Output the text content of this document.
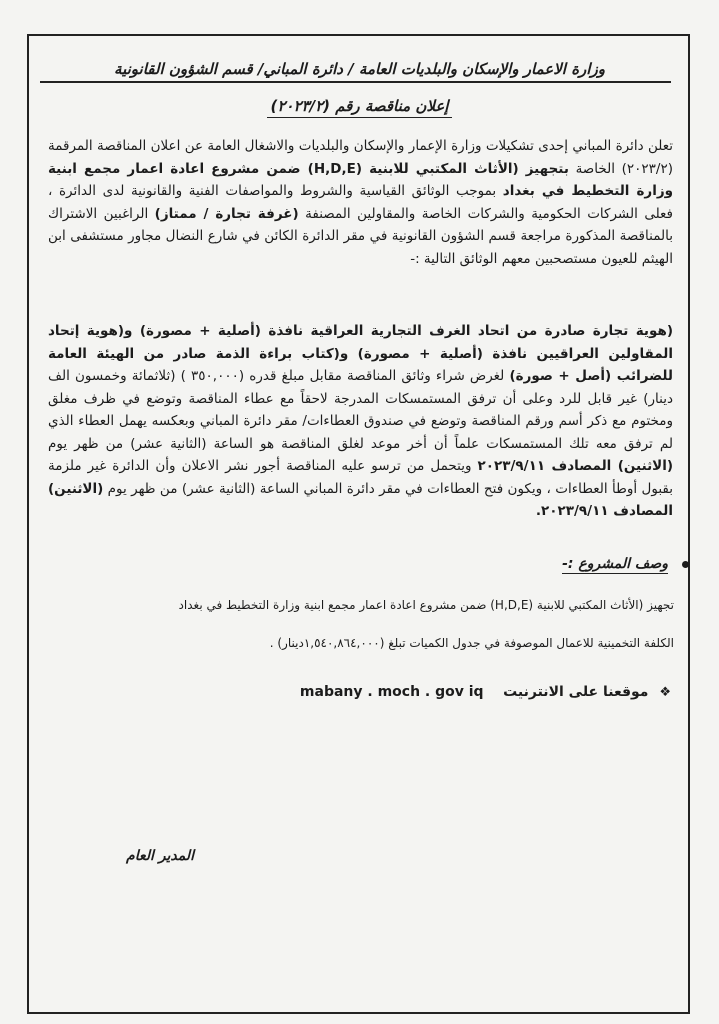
وزارة الاعمار والإسكان والبلديات العامة / دائرة المباني/ قسم الشؤون القانونية
إعلان مناقصة رقم (٢٠٢٣/٢)
تعلن دائرة المباني إحدى تشكيلات وزارة الإعمار والإسكان والبلديات والاشغال العامة عن اعلان المناقصة المرقمة (٢٠٢٣/٢) الخاصة بتجهيز (الأثاث المكتبي للابنية (H,D,E) ضمن مشروع اعادة اعمار مجمع ابنية وزارة التخطيط في بغداد بموجب الوثائق القياسية والشروط والمواصفات الفنية والقانونية لدى الدائرة ، فعلى الشركات الحكومية والشركات الخاصة والمقاولين المصنفة (غرفة تجارة / ممتاز) الراغبين الاشتراك بالمناقصة المذكورة مراجعة قسم الشؤون القانونية في مقر الدائرة الكائن في شارع النضال مجاور مستشفى ابن الهيثم للعيون مستصحبين معهم الوثائق التالية :-
(هوية تجارة صادرة من اتحاد الغرف التجارية العراقية نافذة (أصلية + مصورة) و(هوية إتحاد المقاولين العراقيين نافذة (أصلية + مصورة) و(كتاب براءة الذمة صادر من الهيئة العامة للضرائب (أصل + صورة) لغرض شراء وثائق المناقصة مقابل مبلغ قدره (٣٥٠,٠٠٠ ) (ثلاثمائة وخمسون الف دينار) غير قابل للرد وعلى أن ترفق المستمسكات المدرجة لاحقاً مع عطاء المناقصة وتوضع في ظرف مغلق ومختوم مع ذكر أسم ورقم المناقصة وتوضع في صندوق العطاءات/ مقر دائرة المباني وبعكسه يهمل العطاء الذي لم ترفق معه تلك المستمسكات علماً أن أخر موعد لغلق المناقصة هو الساعة (الثانية عشر) من ظهر يوم (الاثنين) المصادف ٢٠٢٣/٩/١١ ويتحمل من ترسو عليه المناقصة أجور نشر الاعلان وأن الدائرة غير ملزمة بقبول أوطأ العطاءات ، ويكون فتح العطاءات في مقر دائرة المباني الساعة (الثانية عشر) من ظهر يوم (الاثنين) المصادف ٢٠٢٣/٩/١١.
وصف المشروع :-
تجهيز (الأثاث المكتبي للابنية (H,D,E) ضمن مشروع اعادة اعمار مجمع ابنية وزارة التخطيط في بغداد
الكلفة التخمينية للاعمال الموصوفة في جدول الكميات تبلغ (١,٥٤٠,٨٦٤,٠٠٠دينار) .
❖ موقعنا على الانترنيت    mabany . moch . gov iq
المدير العام
